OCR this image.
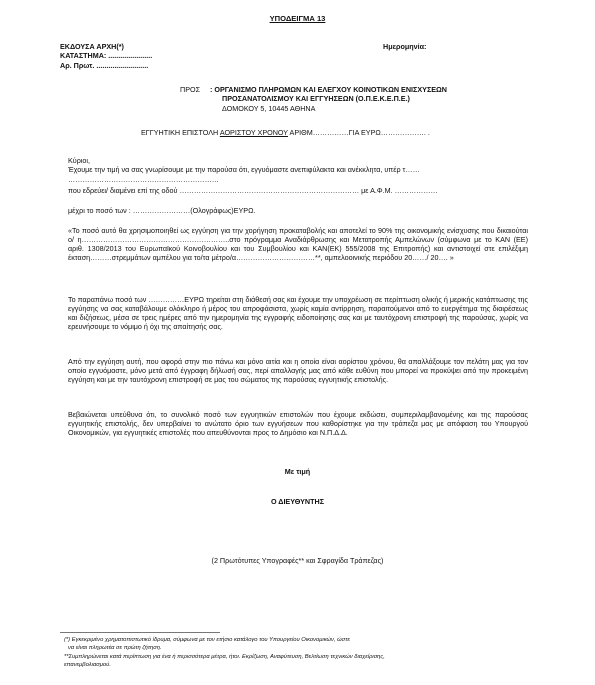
ΥΠΟΔΕΙΓΜΑ 13
ΕΚΔΟΥΣΑ ΑΡΧΗ(*)
ΚΑΤΑΣΤΗΜΑ: ......................
Αρ. Πρωτ. ..........................
Ημερομηνία:
ΠΡΟΣ : ΟΡΓΑΝΙΣΜΟ ΠΛΗΡΩΜΩΝ ΚΑΙ ΕΛΕΓΧΟΥ ΚΟΙΝΟΤΙΚΩΝ ΕΝΙΣΧΥΣΕΩΝ
ΠΡΟΣΑΝΑΤΟΛΙΣΜΟΥ ΚΑΙ ΕΓΓΥΗΣΕΩΝ (Ο.Π.Ε.Κ.Ε.Π.Ε.)
ΔΟΜΟΚΟΥ 5, 10445 ΑΘΗΝΑ
ΕΓΓΥΗΤΙΚΗ ΕΠΙΣΤΟΛΗ ΑΟΡΙΣΤΟΥ ΧΡΟΝΟΥ ΑΡΙΘΜ……………ΓΙΑ ΕΥΡΩ………………. .
Κύριοι,
Έχουμε την τιμή να σας γνωρίσουμε με την παρούσα ότι, εγγυόμαστε ανεπιφύλακτα και ανέκκλητα, υπέρ τ……
………………………………………………………
που εδρεύει/ διαμένει επί της οδού ………………………………………………………………… με Α.Φ.Μ. ………………
μέχρι το ποσό των : ……………………(Ολογράφως)ΕΥΡΩ.
«Το ποσό αυτό θα χρησιμοποιηθεί ως εγγύηση για την χορήγηση προκαταβολής και αποτελεί το 90% της οικονομικής ενίσχυσης που δικαιούται ο/ η……………………………………………………..στο πρόγραμμα Αναδιάρθρωσης και Μετατροπής Αμπελώνων (σύμφωνα με το ΚΑΝ (ΕΕ) αριθ. 1308/2013 του Ευρωπαϊκού Κοινοβουλίου και του Συμβουλίου και ΚΑΝ(ΕΚ) 555/2008 της Επιτροπής) και αντιστοιχεί στε επιλέξιμη έκταση………στρεμμάτων αμπέλου για τo/τα μέτρο/α……………………………**, αμπελοοινικής περιόδου 20……/ 20…. »
Το παραπάνω ποσό των ……………ΕΥΡΩ τηρείται στη διάθεσή σας και έχουμε την υποχρέωση σε περίπτωση ολικής ή μερικής κατάπτωσης της εγγύησης να σας καταβάλουμε ολόκληρο ή μέρος του απροφάσιστα, χωρίς καμία αντίρρηση, παραιτούμενοι από το ευεργέτημα της διαιρέσεως και διζήσεως, μέσα σε τρεις ημέρες από την ημερομηνία της εγγραφής ειδοποίησης σας και με ταυτόχρονη επιστροφή της παρούσας, χωρίς να ερευνήσουμε το νόμιμο ή όχι της απαίτησής σας.
Από την εγγύηση αυτή, που αφορά στην πιο πάνω και μόνο αιτία και η οποία είναι αορίστου χρόνου, θα απαλλάξουμε τον πελάτη μας για τον οποίο εγγυόμαστε, μόνο μετά από έγγραφη δήλωσή σας, περί απαλλαγής μας από κάθε ευθύνη που μπορεί να προκύψει από την προκειμένη εγγύηση και με την ταυτόχρονη επιστροφή σε μας του σώματος της παρούσας εγγυητικής επιστολής.
Βεβαιώνεται υπεύθυνα ότι, το συνολικό ποσό των εγγυητικών επιστολών που έχουμε εκδώσει, συμπεριλαμβανομένης και της παρούσας εγγυητικής επιστολής, δεν υπερβαίνει το ανώτατο όριο των εγγυήσεων που καθορίστηκε για την τράπεζα μας με απόφαση του Υπουργού Οικονομικών, για εγγυητικές επιστολές που απευθύνονται προς το Δημόσιο και Ν.Π.Δ.Δ.
Με τιμή
Ο ΔΙΕΥΘΥΝΤΗΣ
(2 Πρωτότυπες Υπογραφές** και Σφραγίδα Τράπεζας)
(*) Εγκεκριμένο χρηματοπιστωτικό ίδρυμα, σύμφωνα με τον ετήσιο κατάλογο του Υπουργείου Οικονομικών, ώστε
να είναι πληρωτέα σε πρώτη ζήτηση.
**Συμπληρώνεται κατά περίπτωση για ένα ή περισσότερα μέτρα, ήτοι. Εκρίζωση, Αναφύτευση, Βελτίωση τεχνικών διαχείρισης,
επανεμβολιασμού.
